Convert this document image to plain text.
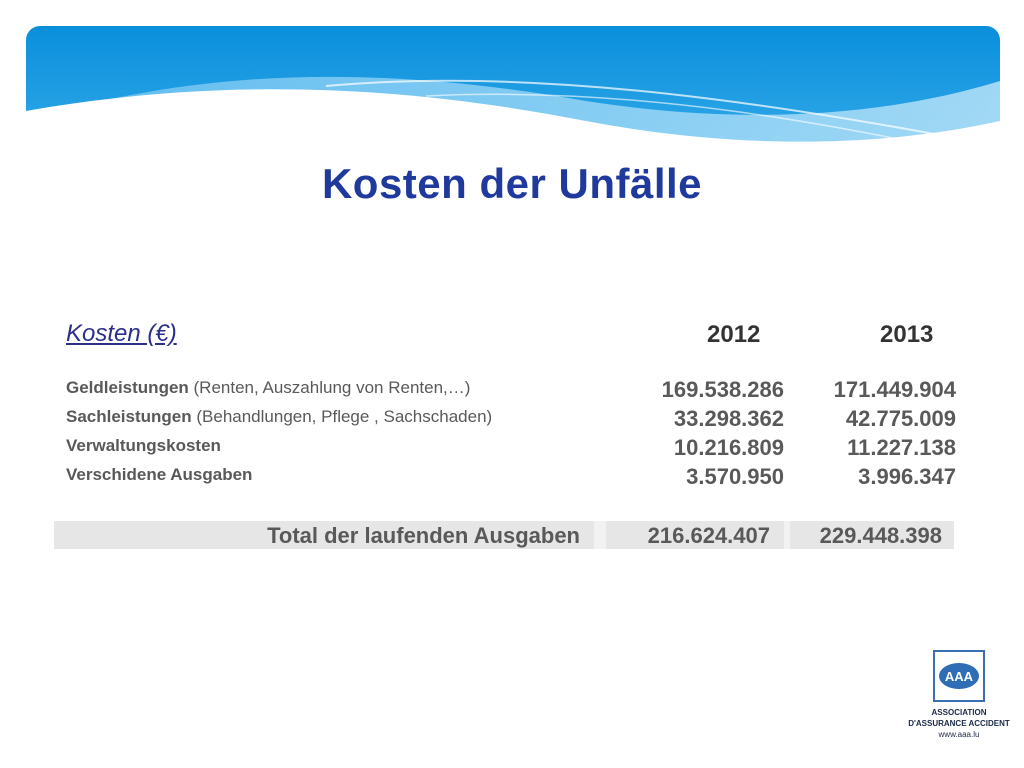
Kosten der Unfälle
Kosten (€)	2012	2013
Geldleistungen (Renten, Auszahlung von Renten,…)	169.538.286	171.449.904
Sachleistungen (Behandlungen, Pflege , Sachschaden)	33.298.362	42.775.009
Verwaltungskosten	10.216.809	11.227.138
Verschidene Ausgaben	3.570.950	3.996.347
Total der laufenden Ausgaben	216.624.407	229.448.398
AAA
ASSOCIATION
D'ASSURANCE ACCIDENT
www.aaa.lu
